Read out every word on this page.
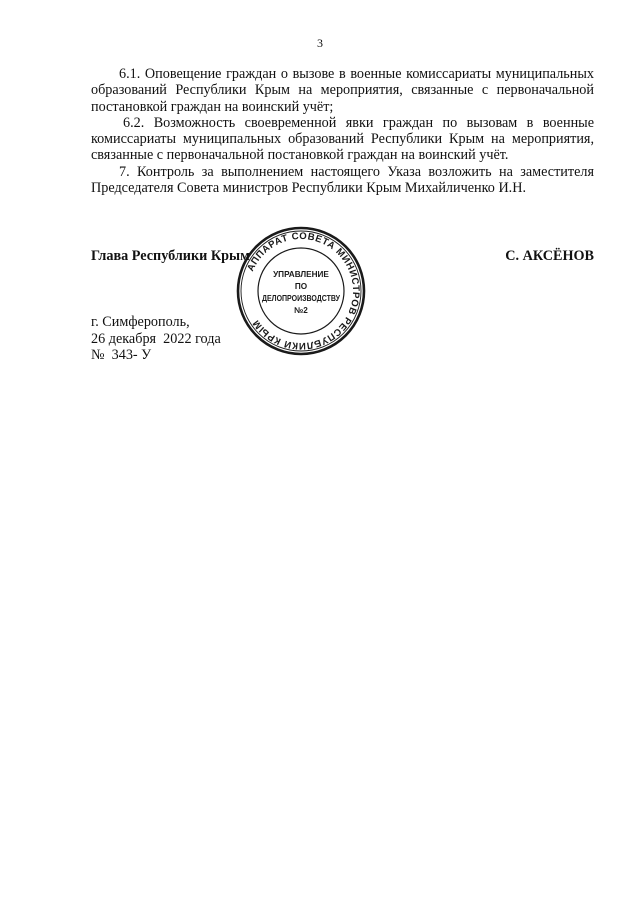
3

6.1. Оповещение граждан о вызове в военные комиссариаты муниципальных образований Республики Крым на мероприятия, связанные с первоначальной постановкой граждан на воинский учёт;

6.2. Возможность своевременной явки граждан по вызовам в военные комиссариаты муниципальных образований Республики Крым на мероприятия, связанные с первоначальной постановкой граждан на воинский учёт.

7. Контроль за выполнением настоящего Указа возложить на заместителя Председателя Совета министров Республики Крым Михайличенко И.Н.

АППАРАТ СОВЕТА МИНИСТРОВ РЕСПУБЛИКИ КРЫМ
УПРАВЛЕНИЕ
ПО
ДЕЛОПРОИЗВОДСТВУ
№2
Глава Республики Крым	С. АКСЁНОВ
г. Симферополь,
26 декабря  2022 года
№  343- У
